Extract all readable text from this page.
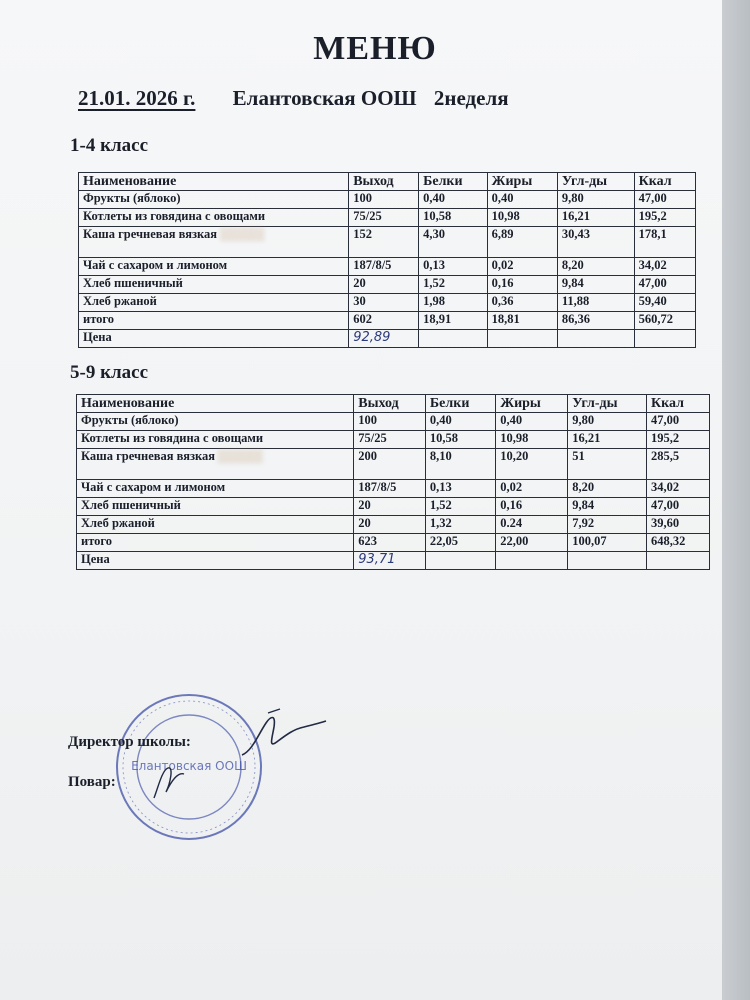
МЕНЮ
21.01. 2026 г. Елантовская ООШ 2неделя
1-4 класс
Наименование	Выход	Белки	Жиры	Угл-ды	Ккал
Фрукты (яблоко)	100	0,40	0,40	9,80	47,00
Котлеты из говядина с овощами	75/25	10,58	10,98	16,21	195,2
Каша гречневая вязкая ▒▒▒▒▒	152	4,30	6,89	30,43	178,1
Чай с сахаром и лимоном	187/8/5	0,13	0,02	8,20	34,02
Хлеб пшеничный	20	1,52	0,16	9,84	47,00
Хлеб ржаной	30	1,98	0,36	11,88	59,40
итого	602	18,91	18,81	86,36	560,72
Цена	92,89				
5-9 класс
Наименование	Выход	Белки	Жиры	Угл-ды	Ккал
Фрукты (яблоко)	100	0,40	0,40	9,80	47,00
Котлеты из говядина с овощами	75/25	10,58	10,98	16,21	195,2
Каша гречневая вязкая ▒▒▒▒▒	200	8,10	10,20	51	285,5
Чай с сахаром и лимоном	187/8/5	0,13	0,02	8,20	34,02
Хлеб пшеничный	20	1,52	0,16	9,84	47,00
Хлеб ржаной	20	1,32	0.24	7,92	39,60
итого	623	22,05	22,00	100,07	648,32
Цена	93,71				
Елантовская ООШ
Директор школы:
Повар:
